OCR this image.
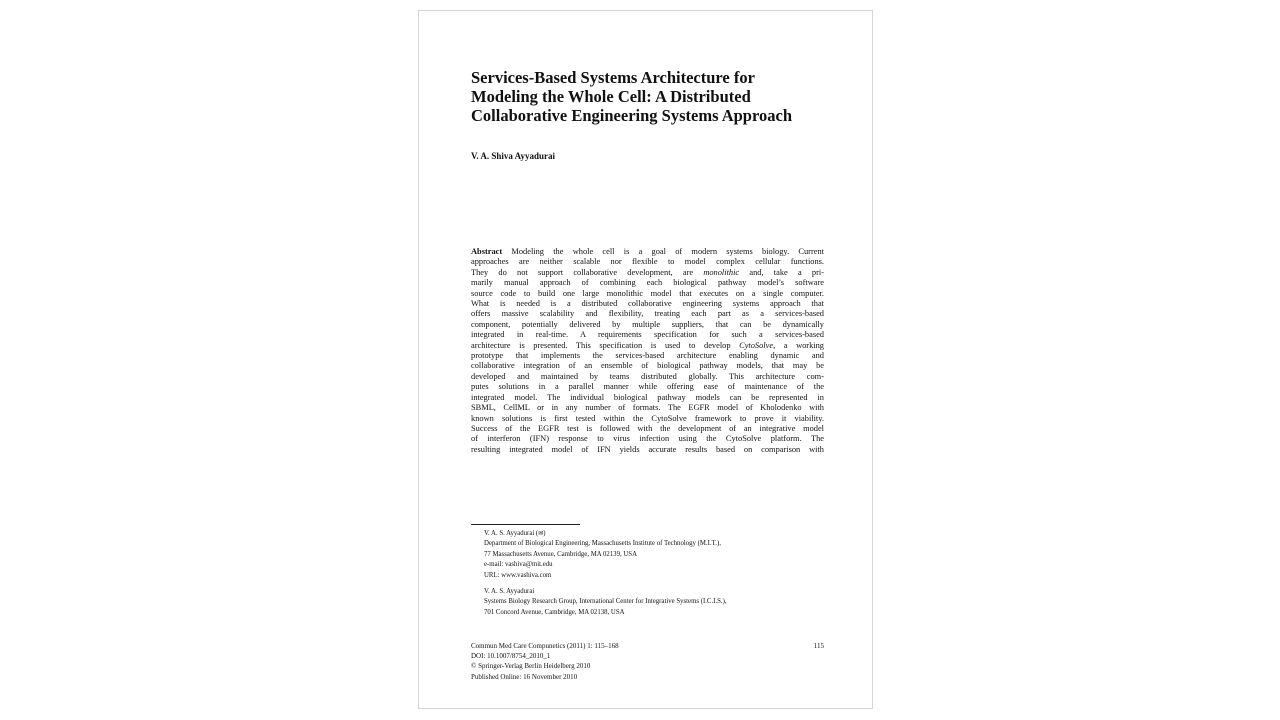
Services-Based Systems Architecture for
Modeling the Whole Cell: A Distributed
Collaborative Engineering Systems Approach
V. A. Shiva Ayyadurai
Abstract Modeling the whole cell is a goal of modern systems biology. Current
approaches are neither scalable nor flexible to model complex cellular functions.
They do not support collaborative development, are monolithic and, take a pri-
marily manual approach of combining each biological pathway model’s software
source code to build one large monolithic model that executes on a single computer.
What is needed is a distributed collaborative engineering systems approach that
offers massive scalability and flexibility, treating each part as a services-based
component, potentially delivered by multiple suppliers, that can be dynamically
integrated in real-time. A requirements specification for such a services-based
architecture is presented. This specification is used to develop CytoSolve, a working
prototype that implements the services-based architecture enabling dynamic and
collaborative integration of an ensemble of biological pathway models, that may be
developed and maintained by teams distributed globally. This architecture com-
putes solutions in a parallel manner while offering ease of maintenance of the
integrated model. The individual biological pathway models can be represented in
SBML, CellML or in any number of formats. The EGFR model of Kholodenko with
known solutions is first tested within the CytoSolve framework to prove it viability.
Success of the EGFR test is followed with the development of an integrative model
of interferon (IFN) response to virus infection using the CytoSolve platform. The
resulting integrated model of IFN yields accurate results based on comparison with
V. A. S. Ayyadurai (✉)
Department of Biological Engineering, Massachusetts Institute of Technology (M.I.T.),
77 Massachusetts Avenue, Cambridge, MA 02139, USA
e-mail: vashiva@mit.edu
URL: www.vashiva.com
V. A. S. Ayyadurai
Systems Biology Research Group, International Center for Integrative Systems (I.C.I.S.),
701 Concord Avenue, Cambridge, MA 02138, USA
115
Commun Med Care Compunetics (2011) 1: 115–168
DOI: 10.1007/8754_2010_1
© Springer-Verlag Berlin Heidelberg 2010
Published Online: 16 November 2010
